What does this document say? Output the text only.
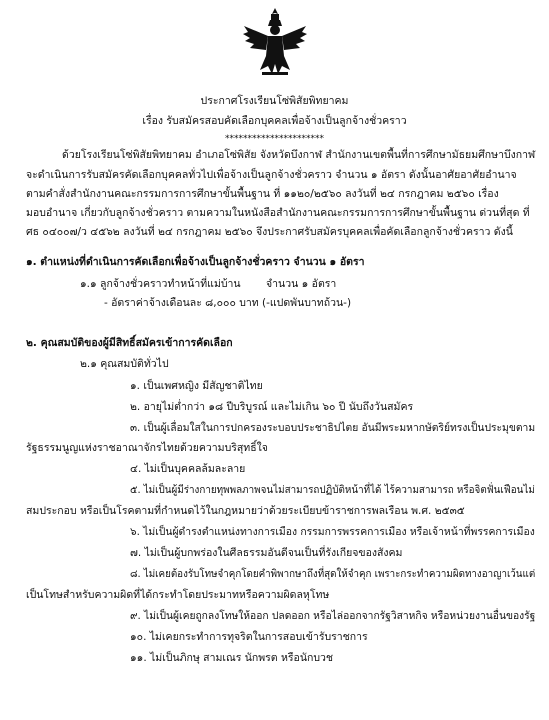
ประกาศโรงเรียนโซ่พิสัยพิทยาคม
เรื่อง รับสมัครสอบคัดเลือกบุคคลเพื่อจ้างเป็นลูกจ้างชั่วคราว
**********************
ด้วยโรงเรียนโซ่พิสัยพิทยาคม อำเภอโซ่พิสัย จังหวัดบึงกาฬ สำนักงานเขตพื้นที่การศึกษามัธยมศึกษาบึงกาฬ
จะดำเนินการรับสมัครคัดเลือกบุคคลทั่วไปเพื่อจ้างเป็นลูกจ้างชั่วคราว จำนวน ๑ อัตรา ดังนั้นอาศัยอาศัยอำนาจ
ตามคำสั่งสำนักงานคณะกรรมการการศึกษาขั้นพื้นฐาน ที่ ๑๑๒๐/๒๕๖๐ ลงวันที่ ๒๔ กรกฎาคม ๒๕๖๐ เรื่อง
มอบอำนาจ เกี่ยวกับลูกจ้างชั่วคราว ตามความในหนังสือสำนักงานคณะกรรมการการศึกษาขั้นพื้นฐาน ด่วนที่สุด ที่
ศธ ๐๔๐๐๗/ว ๔๕๖๒ ลงวันที่ ๒๔ กรกฎาคม ๒๕๖๐ จึงประกาศรับสมัครบุคคลเพื่อคัดเลือกลูกจ้างชั่วคราว ดังนี้
๑. ตำแหน่งที่ดำเนินการคัดเลือกเพื่อจ้างเป็นลูกจ้างชั่วคราว จำนวน ๑ อัตรา
๑.๑ ลูกจ้างชั่วคราวทำหน้าที่แม่บ้าน จำนวน ๑ อัตรา
- อัตราค่าจ้างเดือนละ ๘,๐๐๐ บาท (-แปดพันบาทถ้วน-)
๒. คุณสมบัติของผู้มีสิทธิ์สมัครเข้าการคัดเลือก
๒.๑ คุณสมบัติทั่วไป
๑. เป็นเพศหญิง มีสัญชาติไทย
๒. อายุไม่ต่ำกว่า ๑๘ ปีบริบูรณ์ และไม่เกิน ๖๐ ปี นับถึงวันสมัคร
๓. เป็นผู้เลื่อมใสในการปกครองระบอบประชาธิปไตย อันมีพระมหากษัตริย์ทรงเป็นประมุขตาม
รัฐธรรมนูญแห่งราชอาณาจักรไทยด้วยความบริสุทธิ์ใจ
๔. ไม่เป็นบุคคลล้มละลาย
๕. ไม่เป็นผู้มีร่างกายทุพพลภาพจนไม่สามารถปฏิบัติหน้าที่ได้ ไร้ความสามารถ หรือจิตฟั่นเฟือนไม่
สมประกอบ หรือเป็นโรคตามที่กำหนดไว้ในกฎหมายว่าด้วยระเบียบข้าราชการพลเรือน พ.ศ. ๒๕๓๕
๖. ไม่เป็นผู้ดำรงตำแหน่งทางการเมือง กรรมการพรรคการเมือง หรือเจ้าหน้าที่พรรคการเมือง
๗. ไม่เป็นผู้บกพร่องในศีลธรรมอันดีจนเป็นที่รังเกียจของสังคม
๘. ไม่เคยต้องรับโทษจำคุกโดยคำพิพากษาถึงที่สุดให้จำคุก เพราะกระทำความผิดทางอาญาเว้นแต่
เป็นโทษสำหรับความผิดที่ได้กระทำโดยประมาทหรือความผิดลหุโทษ
๙. ไม่เป็นผู้เคยถูกลงโทษให้ออก ปลดออก หรือไล่ออกจากรัฐวิสาหกิจ หรือหน่วยงานอื่นของรัฐ
๑๐. ไม่เคยกระทำการทุจริตในการสอบเข้ารับราชการ
๑๑. ไม่เป็นภิกษุ สามเณร นักพรต หรือนักบวช
